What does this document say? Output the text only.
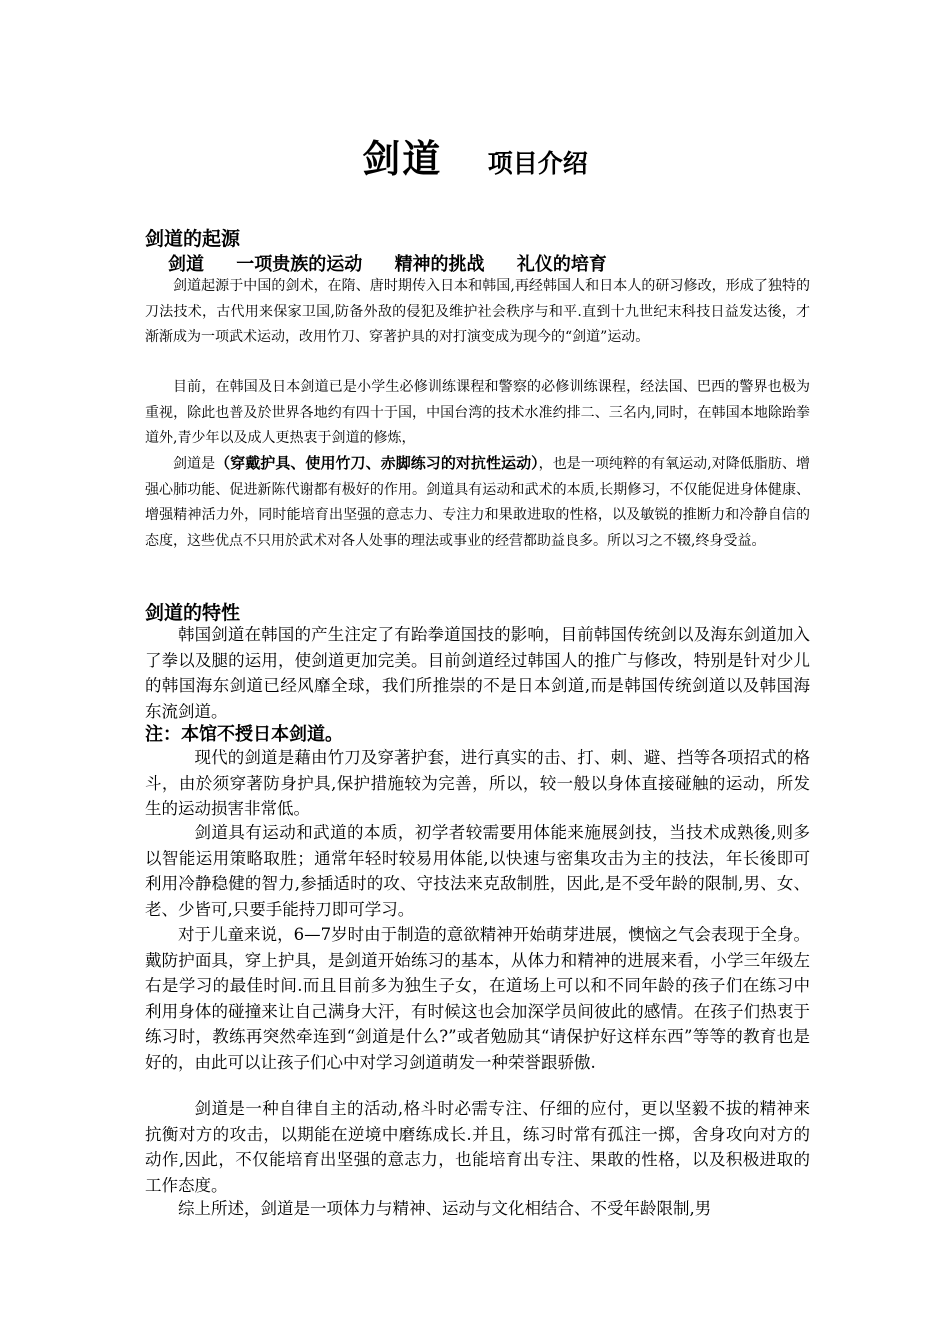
剑道 项目介绍
剑道的起源
剑道 一项贵族的运动 精神的挑战 礼仪的培育

剑道起源于中国的剑术，在隋、唐时期传入日本和韩国,再经韩国人和日本人的研习修改，形成了独特的刀法技术，古代用来保家卫国,防备外敌的侵犯及维护社会秩序与和平.直到十九世纪末科技日益发达後，才渐渐成为一项武术运动，改用竹刀、穿著护具的对打演变成为现今的“剑道”运动。

目前，在韩国及日本剑道已是小学生必修训练课程和警察的必修训练课程，经法国、巴西的警界也极为重视，除此也普及於世界各地约有四十于国，中国台湾的技术水准约排二、三名内,同时，在韩国本地除跆拳道外,青少年以及成人更热衷于剑道的修炼，

剑道是（穿戴护具、使用竹刀、赤脚练习的对抗性运动），也是一项纯粹的有氧运动,对降低脂肪、增强心肺功能、促进新陈代谢都有极好的作用。剑道具有运动和武术的本质,长期修习，不仅能促进身体健康、增强精神活力外，同时能培育出坚强的意志力、专注力和果敢进取的性格，以及敏锐的推断力和冷静自信的态度，这些优点不只用於武术对各人处事的理法或事业的经营都助益良多。所以习之不辍,终身受益。

剑道的特性

韩国剑道在韩国的产生注定了有跆拳道国技的影响，目前韩国传统剑以及海东剑道加入了拳以及腿的运用，使剑道更加完美。目前剑道经过韩国人的推广与修改，特别是针对少儿的韩国海东剑道已经风靡全球，我们所推崇的不是日本剑道,而是韩国传统剑道以及韩国海东流剑道。

注：本馆不授日本剑道。

现代的剑道是藉由竹刀及穿著护套，进行真实的击、打、刺、避、挡等各项招式的格斗，由於须穿著防身护具,保护措施较为完善，所以，较一般以身体直接碰触的运动，所发生的运动损害非常低。

剑道具有运动和武道的本质，初学者较需要用体能来施展剑技，当技术成熟後,则多以智能运用策略取胜；通常年轻时较易用体能,以快速与密集攻击为主的技法，年长後即可利用冷静稳健的智力,参插适时的攻、守技法来克敌制胜，因此,是不受年龄的限制,男、女、老、少皆可,只要手能持刀即可学习。

对于儿童来说，6—7岁时由于制造的意欲精神开始萌芽进展，懊恼之气会表现于全身。戴防护面具，穿上护具，是剑道开始练习的基本，从体力和精神的进展来看，小学三年级左右是学习的最佳时间.而且目前多为独生子女，在道场上可以和不同年龄的孩子们在练习中利用身体的碰撞来让自己满身大汗，有时候这也会加深学员间彼此的感情。在孩子们热衷于练习时，教练再突然牵连到“剑道是什么?”或者勉励其“请保护好这样东西”等等的教育也是好的，由此可以让孩子们心中对学习剑道萌发一种荣誉跟骄傲.

剑道是一种自律自主的活动,格斗时必需专注、仔细的应付，更以坚毅不拔的精神来抗衡对方的攻击，以期能在逆境中磨练成长.并且，练习时常有孤注一掷，舍身攻向对方的动作,因此，不仅能培育出坚强的意志力，也能培育出专注、果敢的性格，以及积极进取的工作态度。

综上所述，剑道是一项体力与精神、运动与文化相结合、不受年龄限制,男
